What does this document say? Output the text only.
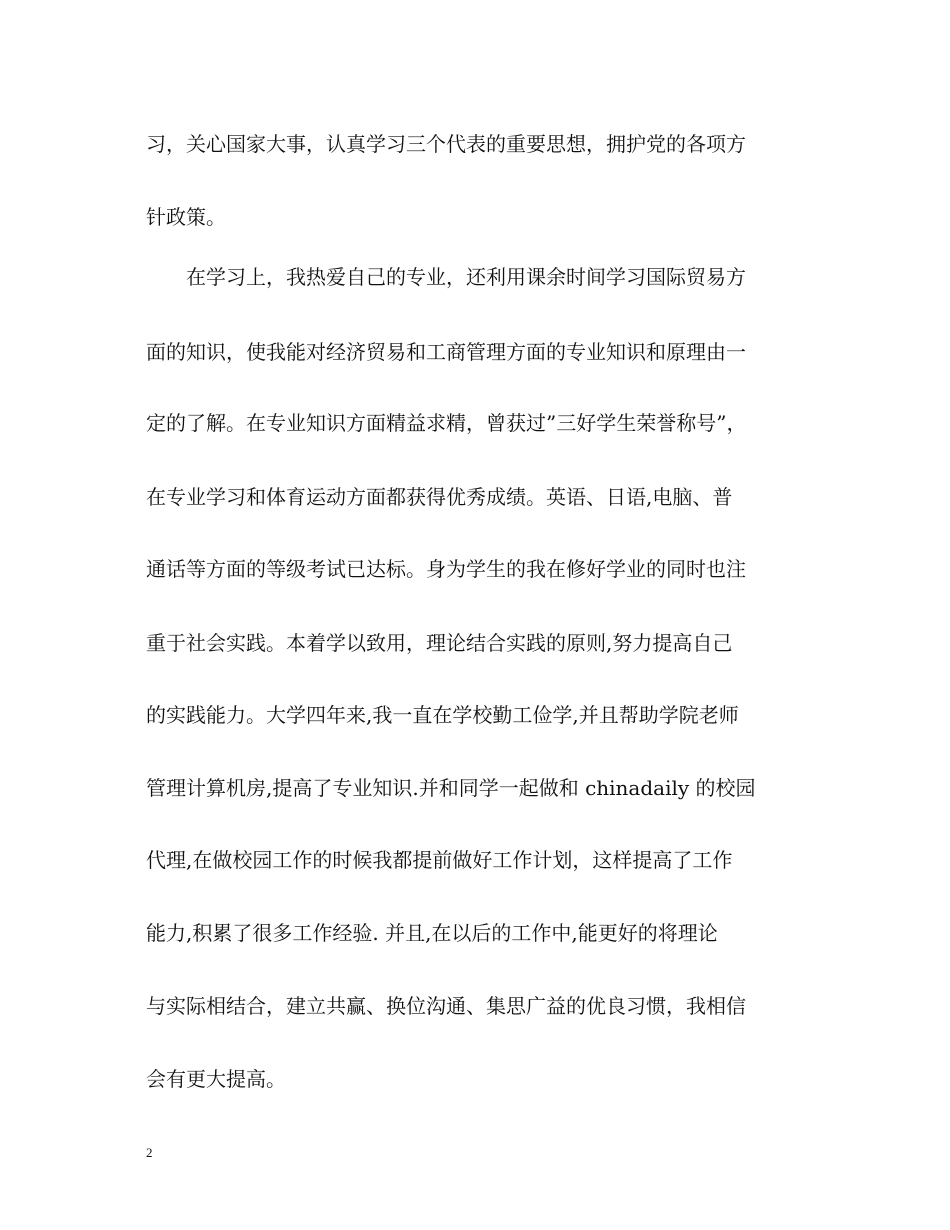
习，关心国家大事，认真学习三个代表的重要思想，拥护党的各项方
针政策。
　　在学习上，我热爱自己的专业，还利用课余时间学习国际贸易方
面的知识，使我能对经济贸易和工商管理方面的专业知识和原理由一
定的了解。在专业知识方面精益求精，曾获过”三好学生荣誉称号”，
在专业学习和体育运动方面都获得优秀成绩。英语、日语,电脑、普
通话等方面的等级考试已达标。身为学生的我在修好学业的同时也注
重于社会实践。本着学以致用，理论结合实践的原则,努力提高自己
的实践能力。大学四年来,我一直在学校勤工俭学,并且帮助学院老师
管理计算机房,提高了专业知识.并和同学一起做和 chinadaily 的校园
代理,在做校园工作的时候我都提前做好工作计划，这样提高了工作
能力,积累了很多工作经验. 并且,在以后的工作中,能更好的将理论
与实际相结合，建立共赢、换位沟通、集思广益的优良习惯，我相信
会有更大提高。
2
